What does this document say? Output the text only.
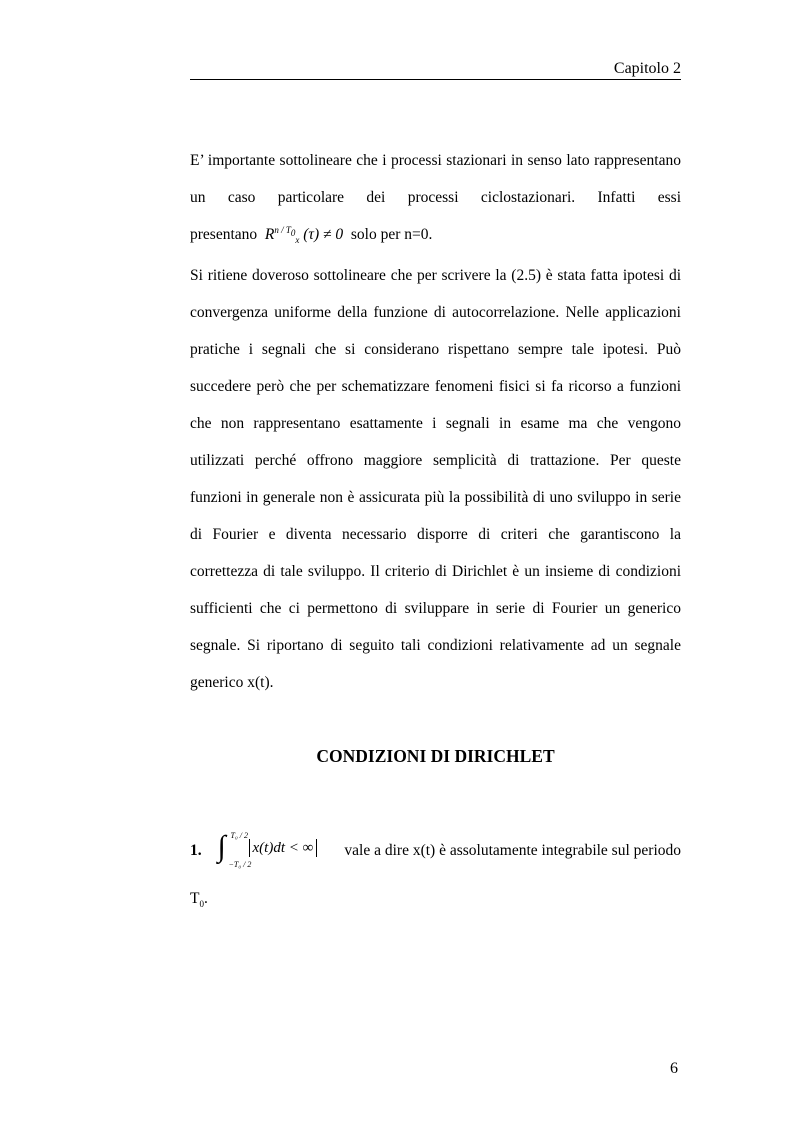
Capitolo 2

E’ importante sottolineare che i processi stazionari in senso lato rappresentano un caso particolare dei processi ciclostazionari. Infatti essi presentano $R^{n / T_0}_x$ (τ) ≠ 0 solo per n=0.

Si ritiene doveroso sottolineare che per scrivere la (2.5) è stata fatta ipotesi di convergenza uniforme della funzione di autocorrelazione. Nelle applicazioni pratiche i segnali che si considerano rispettano sempre tale ipotesi. Può succedere però che per schematizzare fenomeni fisici si fa ricorso a funzioni che non rappresentano esattamente i segnali in esame ma che vengono utilizzati perché offrono maggiore semplicità di trattazione. Per queste funzioni in generale non è assicurata più la possibilità di uno sviluppo in serie di Fourier e diventa necessario disporre di criteri che garantiscono la correttezza di tale sviluppo. Il criterio di Dirichlet è un insieme di condizioni sufficienti che ci permettono di sviluppare in serie di Fourier un generico segnale. Si riportano di seguito tali condizioni relativamente ad un segnale generico x(t).

CONDIZIONI DI DIRICHLET
1. ∫ T₀ / 2
−T₀ / 2
x(t)dt < ∞ vale a dire x(t) è assolutamente integrabile sul periodo
$T_0$.
6
